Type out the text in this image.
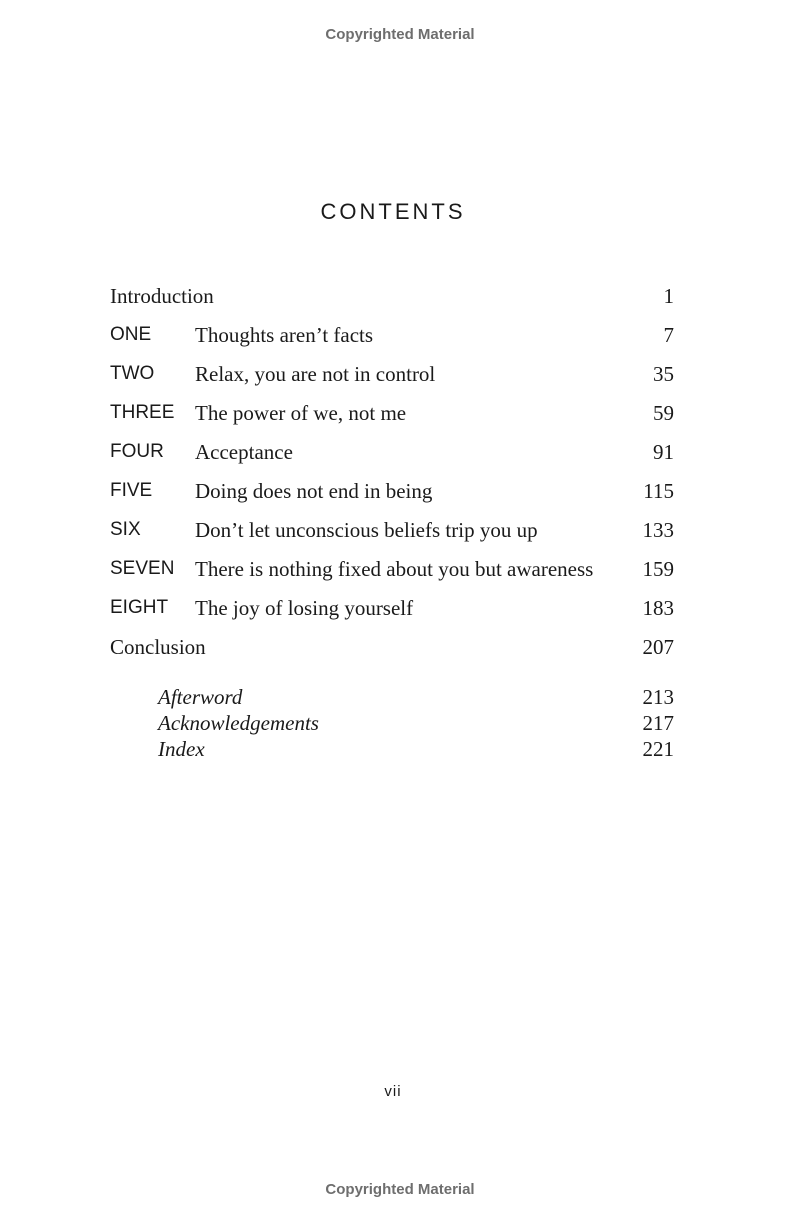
Copyrighted Material
CONTENTS
Introduction	1
ONE Thoughts aren’t facts	7
TWO Relax, you are not in control	35
THREE The power of we, not me	59
FOUR Acceptance	91
FIVE Doing does not end in being	115
SIX	Don’t let unconscious beliefs trip you up	133
SEVEN There is nothing fixed about you but awareness 159
EIGHT The joy of losing yourself	183
Conclusion	207
Afterword	213
Acknowledgements	217
Index	221
vii
Copyrighted Material
